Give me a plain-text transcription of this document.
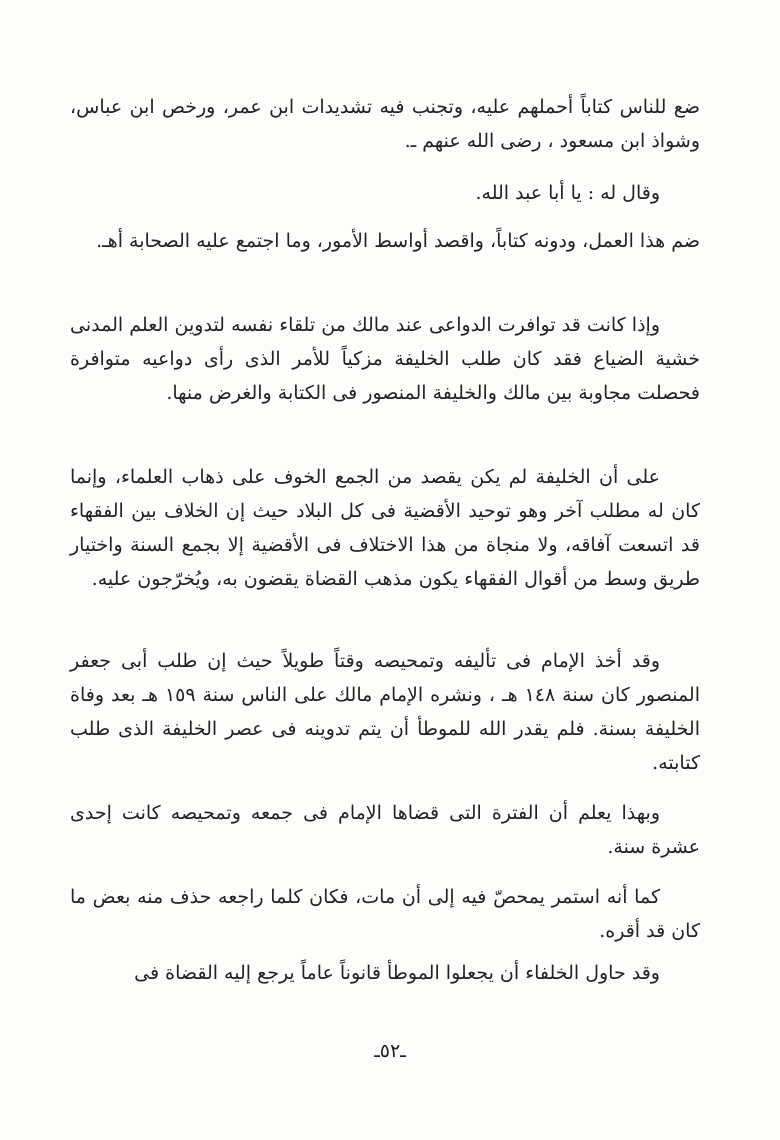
ضع للناس كتاباً أحملهم عليه، وتجنب فيه تشديدات ابن عمر، ورخص ابن عباس، وشواذ ابن مسعود ، رضى الله عنهم ـ.

وقال له : يا أبا عبد الله.

ضم هذا العمل، ودونه كتاباً، واقصد أواسط الأمور، وما اجتمع عليه الصحابة أهـ.

وإذا كانت قد توافرت الدواعى عند مالك من تلقاء نفسه لتدوين العلم المدنى خشية الضياع فقد كان طلب الخليفة مزكياً للأمر الذى رأى دواعيه متوافرة فحصلت مجاوبة بين مالك والخليفة المنصور فى الكتابة والغرض منها.

على أن الخليفة لم يكن يقصد من الجمع الخوف على ذهاب العلماء، وإنما كان له مطلب آخر وهو توحيد الأقضية فى كل البلاد حيث إن الخلاف بين الفقهاء قد اتسعت آفاقه، ولا منجاة من هذا الاختلاف فى الأقضية إلا بجمع السنة واختيار طريق وسط من أقوال الفقهاء يكون مذهب القضاة يقضون به، ويُخرّجون عليه.

وقد أخذ الإمام فى تأليفه وتمحيصه وقتاً طويلاً حيث إن طلب أبى جعفر المنصور كان سنة ١٤٨ هـ ، ونشره الإمام مالك على الناس سنة ١٥٩ هـ بعد وفاة الخليفة بسنة. فلم يقدر الله للموطأ أن يتم تدوينه فى عصر الخليفة الذى طلب كتابته.

وبهذا يعلم أن الفترة التى قضاها الإمام فى جمعه وتمحيصه كانت إحدى عشرة سنة.

كما أنه استمر يمحصّ فيه إلى أن مات، فكان كلما راجعه حذف منه بعض ما كان قد أقره.

وقد حاول الخلفاء أن يجعلوا الموطأ قانوناً عاماً يرجع إليه القضاة فى

ـ٥٢ـ
